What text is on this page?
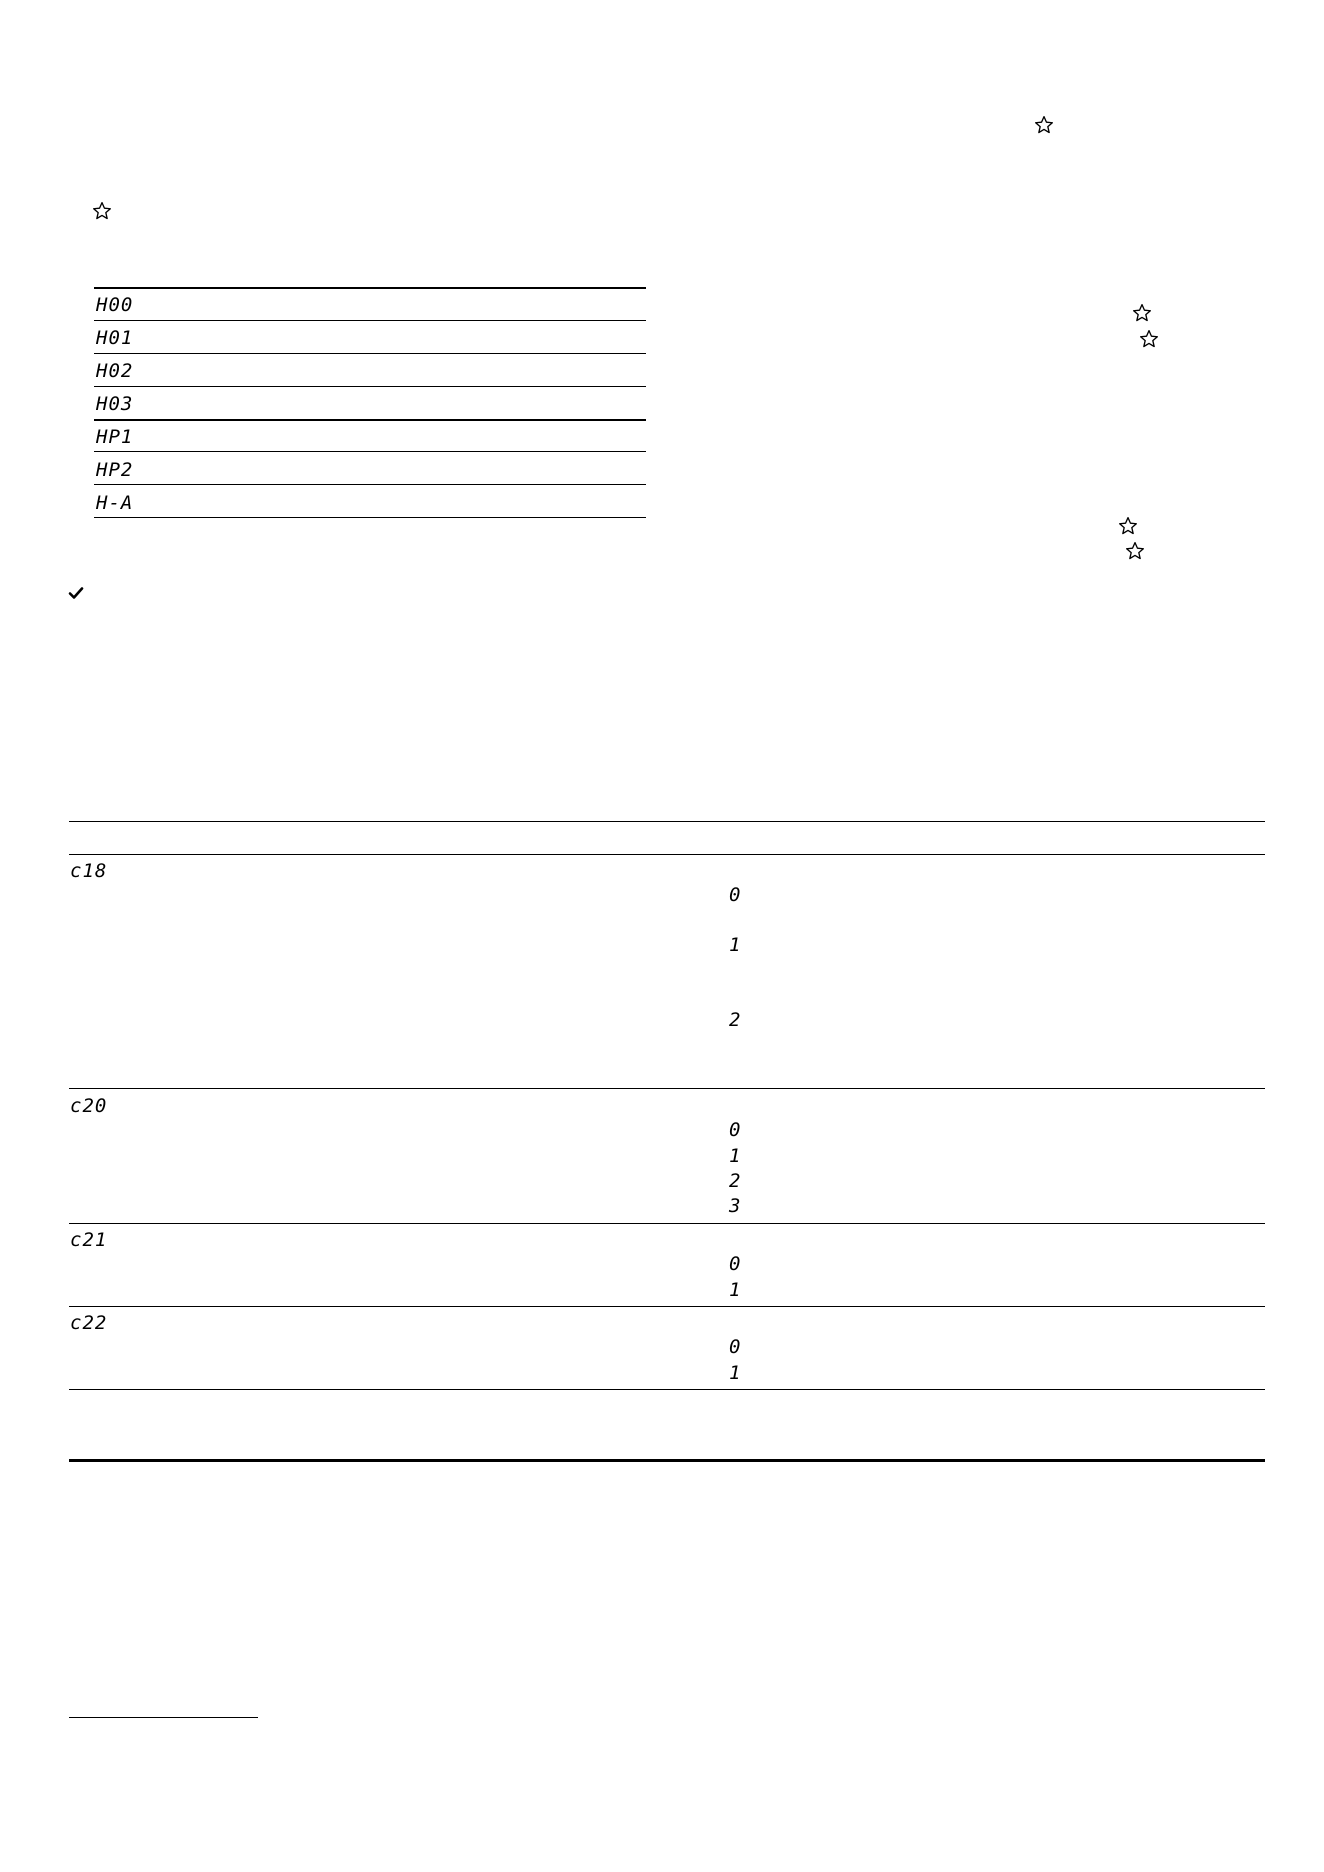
H00
H01
H02
H03
HP1
HP2
H-A
c18
0
1
2
c20
0
1
2
3
c21
0
1
c22
0
1
